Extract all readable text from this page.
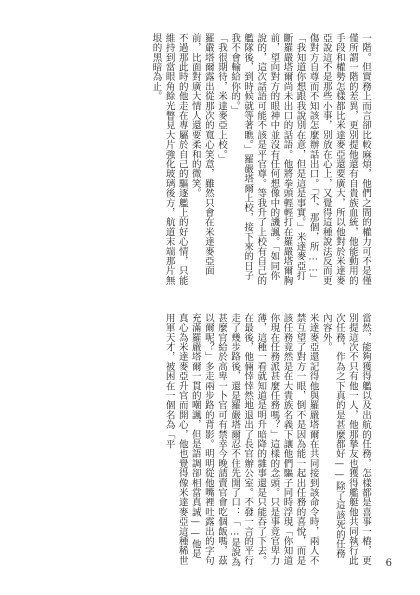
一階。但實務上而言卻比較麻煩，他們之間的權力可不是僅僅所謂一階的差異，更別提他還有自貴族血統，他能動用的手段和權勢怎樣都比米達麥亞還要廣大，所以他對於米達麥亞說這不是那些小事，別放在心上，又覺得這種說法反而更傷對方自尊而不知該怎麼辦話出口。「不、那個，所……」
「我知道你想跟我說別在意，但是這是事實。」米達麥亞打斷羅嚴塔爾尚未出口的話語。他將拳頭輕輕打在羅嚴塔爾胸前，望向對方的眼神中並沒有任何想像中的譏諷。「如同你說的，這次話語可能不該是平官尊。等我升了上校有自己的艦隊後，到時候就等著瞧。」羅嚴塔爾上校，接下來的日子我不會輸給你的。」
「我很期待，米達麥亞上校。」
羅嚴塔爾露出從那次的寬心笑意，雖然只會在米達麥亞面前，比面對廣大情人還要柔和的微笑。
不過那此時的他走在專屬於自己的驅逐艦上的好心情，只能維持到當眼角餘光瞥見大片強化玻璃後方，航道末端那片無垠的黑暗為止。

當然，能夠獲得艦以及出航的任務，怎樣都是喜事一樁，更別提這次不只有他一人，他那摯友也獲得艦艇他共同執行此次任務，作為之下真的是甚麼都好——除了這該死的任務內容外。
米達麥亞還記得他與羅嚴塔爾在共同接到該命令時，兩人不禁互望了對方一眼，倒不是因為能一起出任務的喜悅，而是該任務竟然是在大貴族名義下讓他們驅子同時浮現「你知道你現在任務派甚麼任務嗎？」這樣的念頭。只是事竟官卑力薄，這種一看就知道是明升暗降的雜事還是只能吞了下去。
在最後，他倆悻悻然地退出了長官辦公室。不發一言的平行走了幾步路後，還是羅嚴塔爾忍不住先開了口：「…是說為甚麼官給於高卑一卜官可有禁幸今晚請賣官會吃個飯嗎，茲以爾呢？」多走兩步路的背影。明明從他嘴裡吐露出的字句充滿羅嚴塔爾一貫的嘲諷，但是語調卻相當真誠——他是真心為米達麥亞升官而開心，他也覺得像米達麥亞這種稀世用軍天才，被困在一個名為「平

6
